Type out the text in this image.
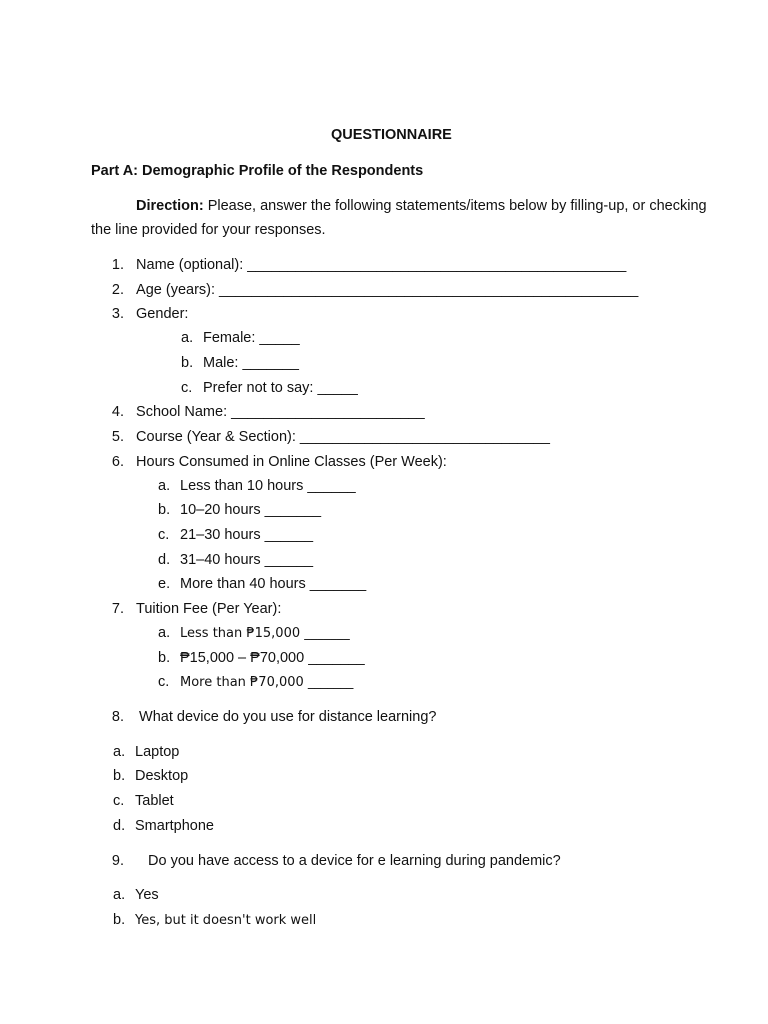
QUESTIONNAIRE
Part A: Demographic Profile of the Respondents
Direction: Please, answer the following statements/items below by filling-up, or checking
the line provided for your responses.
1. Name (optional): _______________________________________________
2. Age (years): ____________________________________________________
3. Gender:
a. Female: _____
b. Male: _______
c. Prefer not to say: _____
4. School Name: ________________________
5. Course (Year & Section): _______________________________
6. Hours Consumed in Online Classes (Per Week):
a. Less than 10 hours ______
b. 10–20 hours _______
c. 21–30 hours ______
d. 31–40 hours ______
e. More than 40 hours _______
7. Tuition Fee (Per Year):
a. Less than ₱15,000 _______
b. ₱15,000 – ₱70,000 _______
c. More than ₱70,000 _______
8. What device do you use for distance learning?
a. Laptop
b. Desktop
c. Tablet
d. Smartphone
9. Do you have access to a device for e learning during pandemic?
a. Yes
b. Yes, but it doesn't work well
